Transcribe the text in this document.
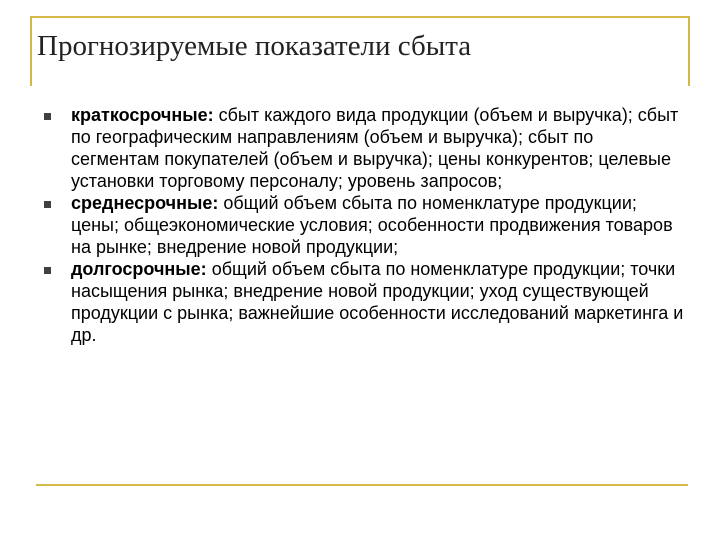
Прогнозируемые показатели сбыта
краткосрочные: сбыт каждого вида продукции (объем и выручка); сбыт по географическим направлениям (объем и выручка); сбыт по сегментам покупателей (объем и выручка); цены конкурентов; целевые установки торговому персоналу; уровень запросов;
среднесрочные: общий объем сбыта по номенклатуре продукции; цены; общеэкономические условия; особенности продвижения товаров на рынке; внедрение новой продукции;
долгосрочные: общий объем сбыта по номенклатуре продукции; точки насыщения рынка; внедрение новой продукции; уход существующей продукции с рынка; важнейшие особенности исследований маркетинга и др.
